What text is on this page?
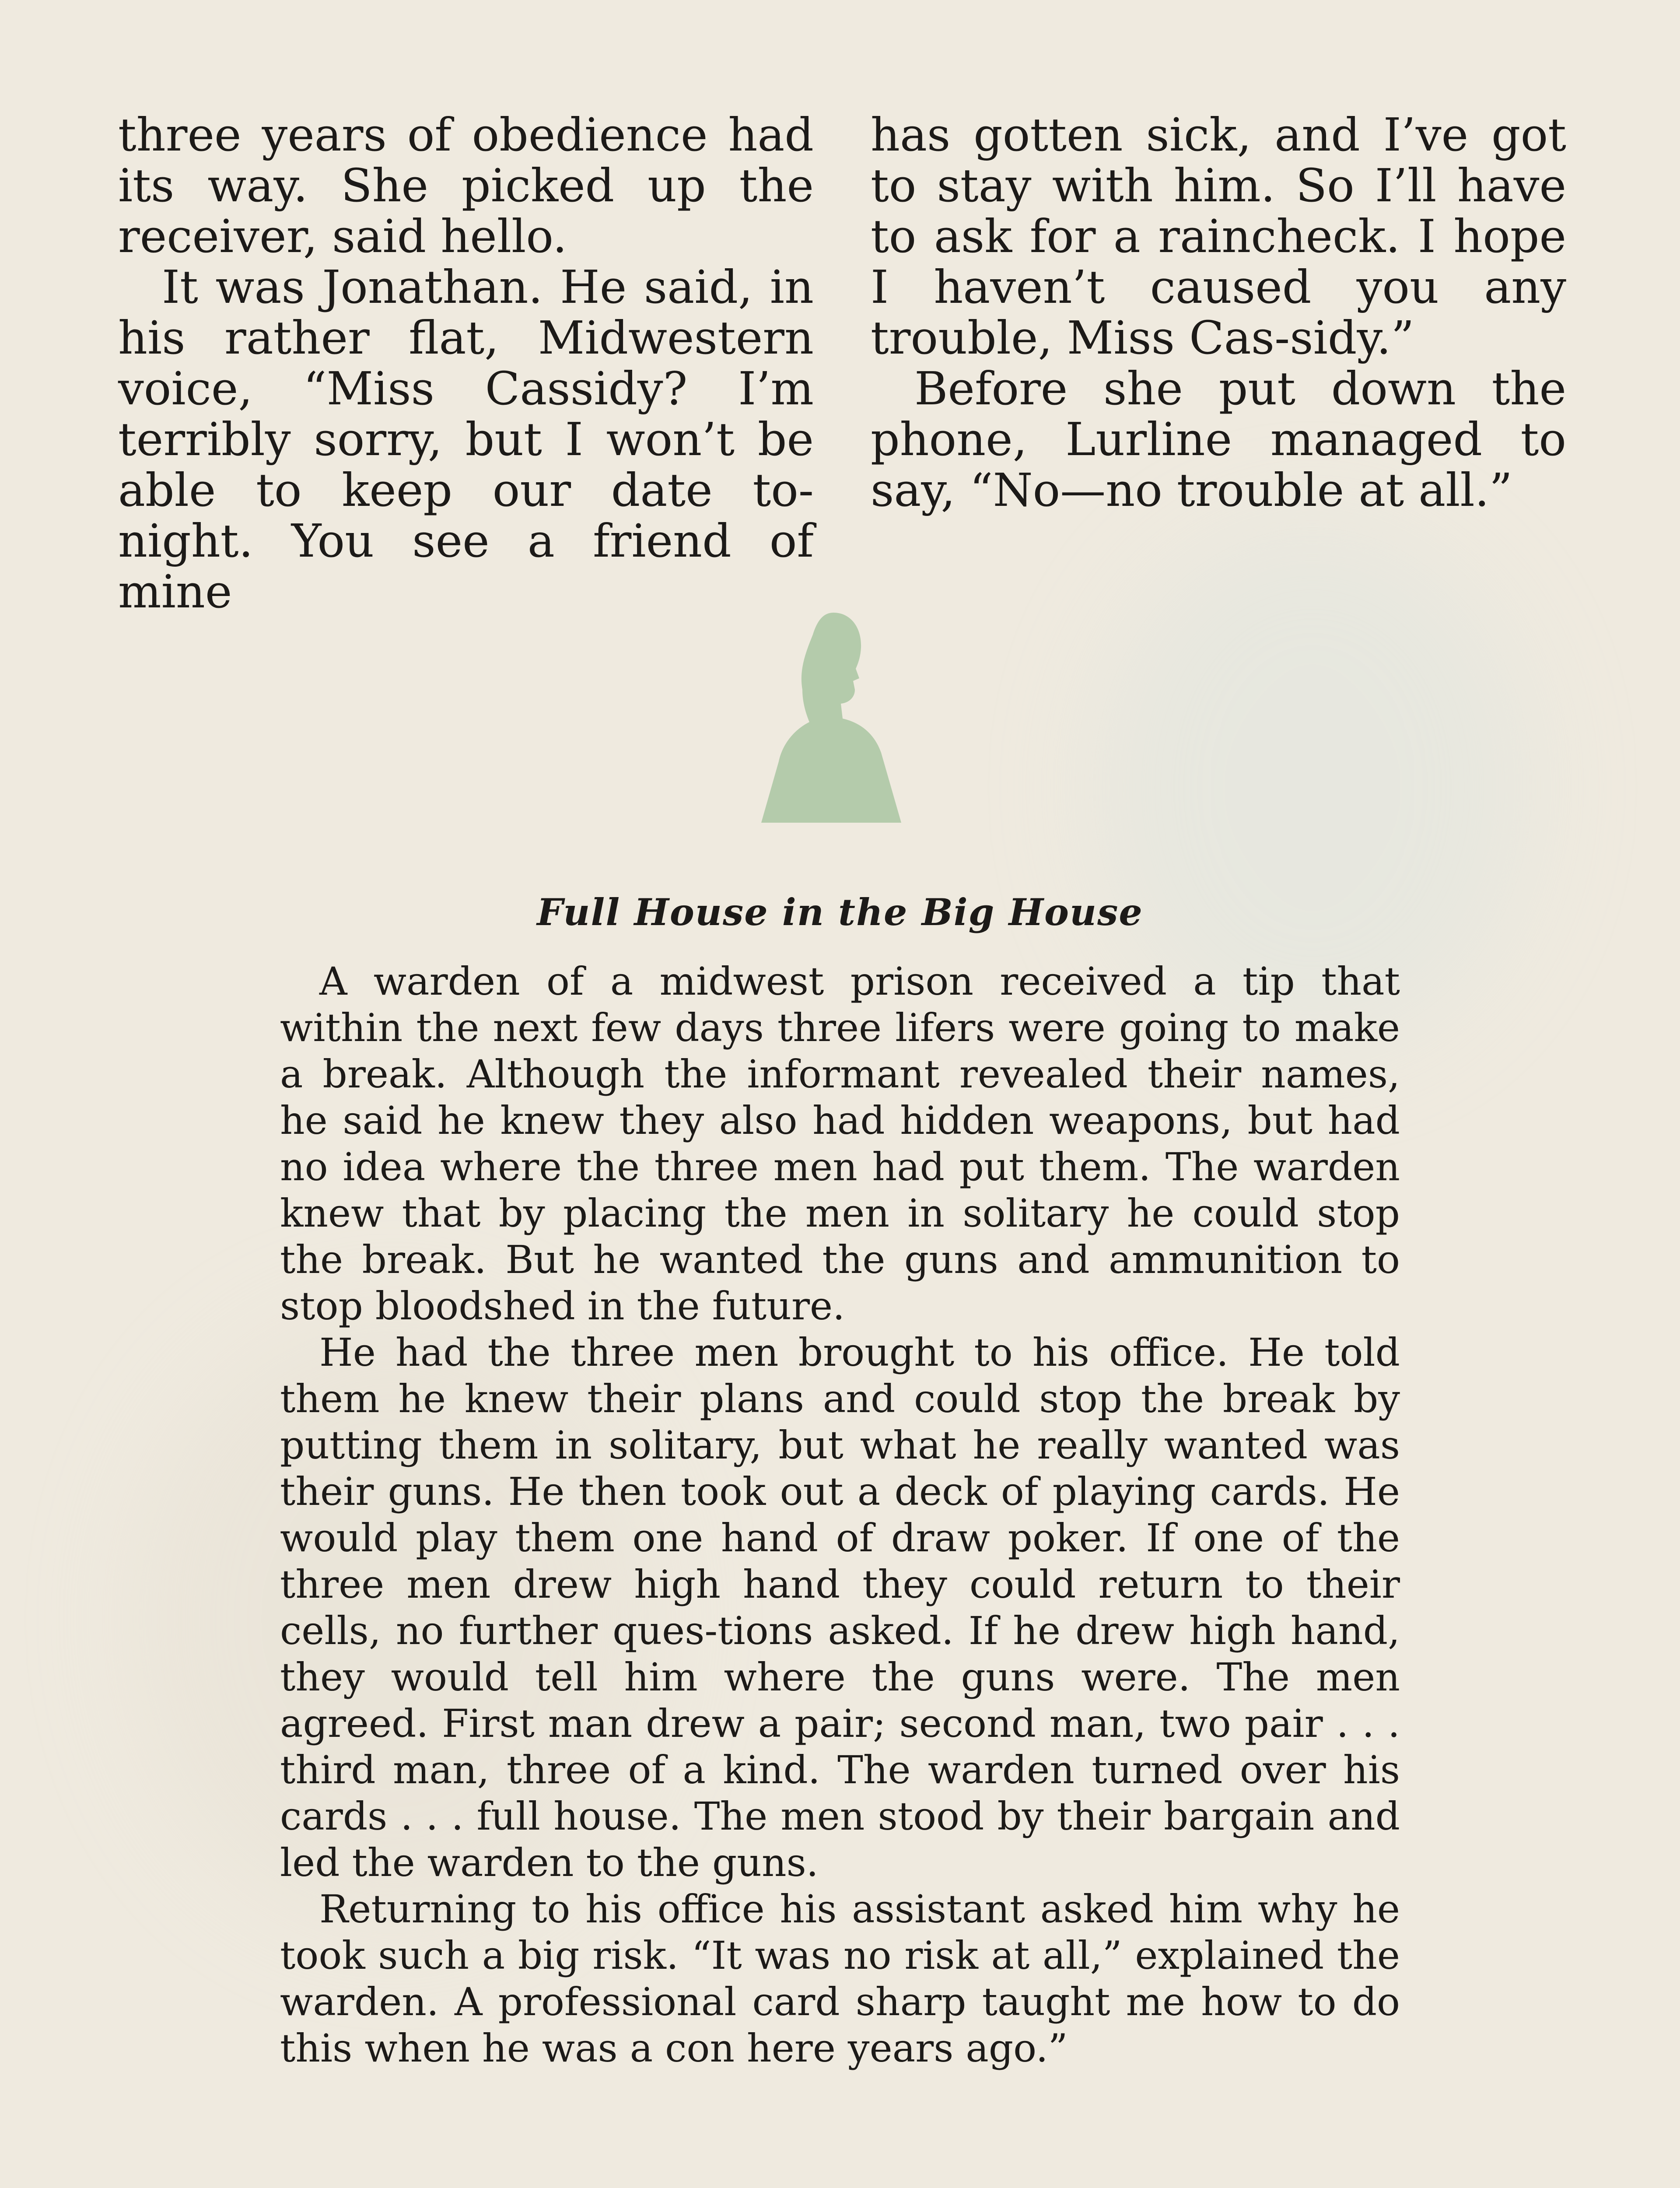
three years of obedience had its way. She picked up the receiver, said hello.

It was Jonathan. He said, in his rather flat, Midwestern voice, “Miss Cassidy? I’m terribly sorry, but I won’t be able to keep our date to-night. You see a friend of mine

has gotten sick, and I’ve got to stay with him. So I’ll have to ask for a raincheck. I hope I haven’t caused you any trouble, Miss Cas-sidy.”

Before she put down the phone, Lurline managed to say, “No—no trouble at all.”

Full House in the Big House

A warden of a midwest prison received a tip that within the next few days three lifers were going to make a break. Although the informant revealed their names, he said he knew they also had hidden weapons, but had no idea where the three men had put them. The warden knew that by placing the men in solitary he could stop the break. But he wanted the guns and ammunition to stop bloodshed in the future.

He had the three men brought to his office. He told them he knew their plans and could stop the break by putting them in solitary, but what he really wanted was their guns. He then took out a deck of playing cards. He would play them one hand of draw poker. If one of the three men drew high hand they could return to their cells, no further ques-tions asked. If he drew high hand, they would tell him where the guns were. The men agreed. First man drew a pair; second man, two pair . . . third man, three of a kind. The warden turned over his cards . . . full house. The men stood by their bargain and led the warden to the guns.

Returning to his office his assistant asked him why he took such a big risk. “It was no risk at all,” explained the warden. A professional card sharp taught me how to do this when he was a con here years ago.”
